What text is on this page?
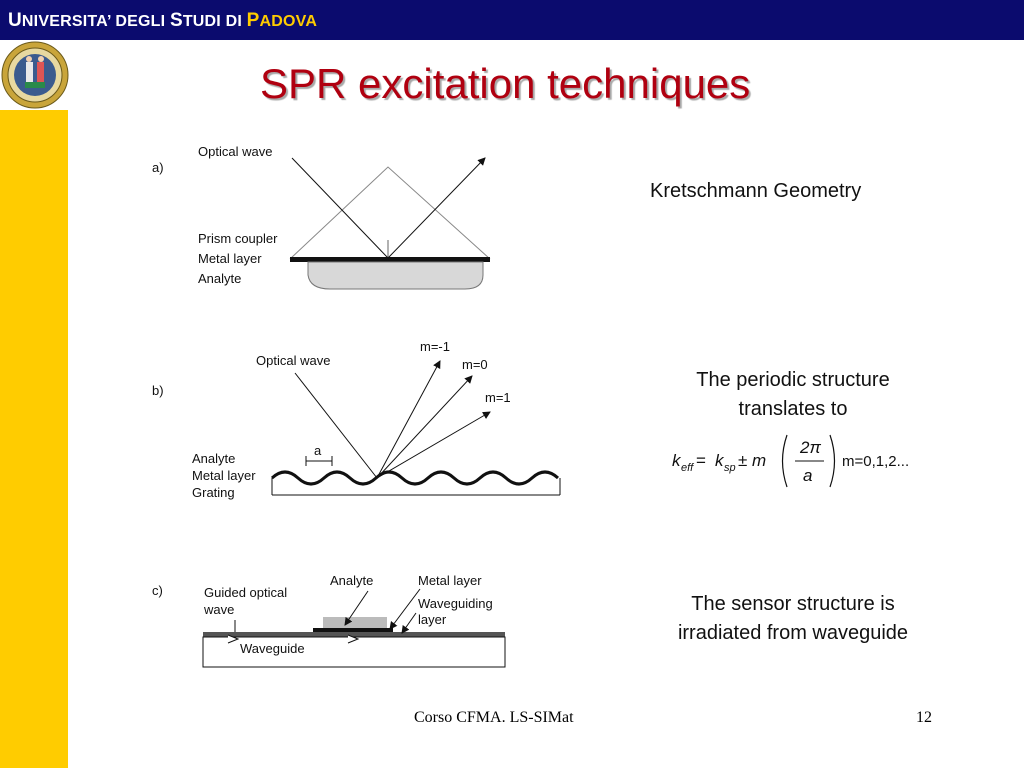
UNIVERSITA’ DEGLI STUDI DI PADOVA
SPR excitation techniques
a)
Optical wave
Prism coupler
Metal layer
Analyte
Kretschmann Geometry
b)
Optical wave
m=-1
m=0
m=1
a
Analyte
Metal layer
Grating
The periodic structure
translates to
k eff = k sp ± m
2π
a
m=0,1,2...
c)	Guided optical
wave
Analyte	Metal layer
Waveguiding
layer
Waveguide
The sensor structure is
irradiated from waveguide
Corso CFMA. LS-SIMat	12
